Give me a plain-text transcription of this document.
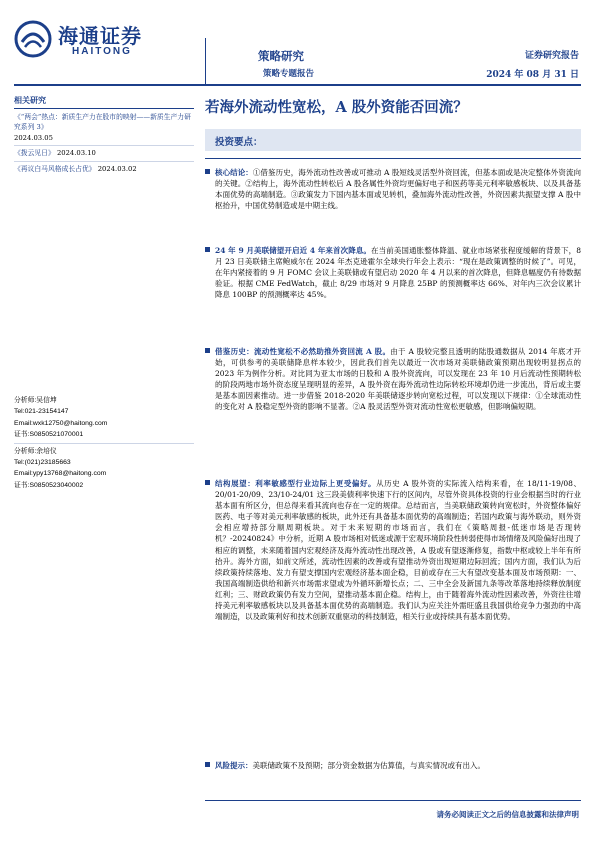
海通证券
HAITONG	策略研究
策略专题报告
证券研究报告
2024 年 08 月 31 日
相关研究
《“两会”热点：新质生产力在股市的映射——新质生产力研究系列 3》
2024.03.05
《拨云见日》 2024.03.10
《再议白马风格成长占优》 2024.03.02
分析师:吴信坤
Tel:021-23154147
Email:wxk12750@haitong.com
证书:S0850521070001
分析师:余培仪
Tel:(021)23185663
Email:ypy13768@haitong.com
证书:S0850523040002
若海外流动性宽松，A 股外资能否回流？
投资要点：
核心结论：①借鉴历史，海外流动性改善或可推动 A 股短线灵活型外资回流，但基本面或是决定整体外资流向的关键。②结构上，海外流动性转松后 A 股各属性外资均更偏好电子和医药等美元利率敏感板块、以及具备基本面优势的高端制造。③政策发力下国内基本面或见转机，叠加海外流动性改善，外资因素共振望支撑 A 股中枢抬升，中国优势制造或是中期主线。
24 年 9 月美联储望开启近 4 年来首次降息。在当前美国通胀整体降温、就业市场紧张程度缓解的背景下，8 月 23 日美联储主席鲍威尔在 2024 年杰克逊霍尔全球央行年会上表示：“现在是政策调整的时候了”。可见，在年内紧接着的 9 月 FOMC 会议上美联储或有望启动 2020 年 4 月以来的首次降息，但降息幅度仍有待数据验证。根据 CME FedWatch，截止 8/29 市场对 9 月降息 25BP 的预测概率达 66%、对年内三次会议累计降息 100BP 的预测概率达 45%。
借鉴历史：流动性宽松不必然助推外资回流 A 股。由于 A 股较完整且透明的陆股通数据从 2014 年底才开始，可供参考的美联储降息样本较少，因此我们首先以最近一次市场对美联储政策预期出现较明显拐点的 2023 年为例作分析。对比同为亚太市场的日股和 A 股外资流向，可以发现在 23 年 10 月后流动性预期转松的阶段两地市场外资态度呈现明显的差异，A 股外资在海外流动性边际转松环境却仍进一步流出，背后或主要是基本面因素推动。进一步借鉴 2018-2020 年美联储逐步转向宽松过程，可以发现以下规律：①全球流动性的变化对 A 股稳定型外资的影响不显著。②A 股灵活型外资对流动性宽松更敏感，但影响偏短期。
结构展望：利率敏感型行业边际上更受偏好。从历史 A 股外资的实际流入结构来看，在 18/11-19/08、20/01-20/09、23/10-24/01 这三段美债利率快速下行的区间内，尽管外资具体投资的行业会根据当时的行业基本面有所区分，但总得来看其流向也存在一定的规律。总结而言，当美联储政策转向宽松时，外资整体偏好医药、电子等对美元利率敏感的板块，此外还有具备基本面优势的高端制造；若国内政策与海外联动，则外资会相应增持部分顺周期板块。对于未来短期的市场而言，我们在《策略周报-低迷市场是否现转机？-20240824》中分析，近期 A 股市场相对低迷或源于宏观环境阶段性转弱使得市场情绪及风险偏好出现了相应的调整，未来随着国内宏观经济及海外流动性出现改善，A 股或有望逐渐修复，指数中枢或较上半年有所抬升。海外方面，如前文所述，流动性因素的改善或有望推动外资出现短期边际回流；国内方面，我们认为后续政策持续落地、发力有望支撑国内宏观经济基本面企稳，目前或存在三大有望改变基本面及市场预期：一、我国高端制造供给和新兴市场需求望或为外循环新增长点；二、三中全会及新国九条等改革落地持续释放制度红利；三、财政政策仍有发力空间，望推动基本面企稳。结构上，由于随着海外流动性因素改善，外资往往增持美元利率敏感板块以及具备基本面优势的高端制造。我们认为应关注外需旺盛且我国供给竞争力强劲的中高端制造，以及政策利好和技术创新双重驱动的科技制造，相关行业或持续具有基本面优势。
风险提示：美联储政策不及预期；部分资金数据为估算值，与真实情况或有出入。
请务必阅读正文之后的信息披露和法律声明
